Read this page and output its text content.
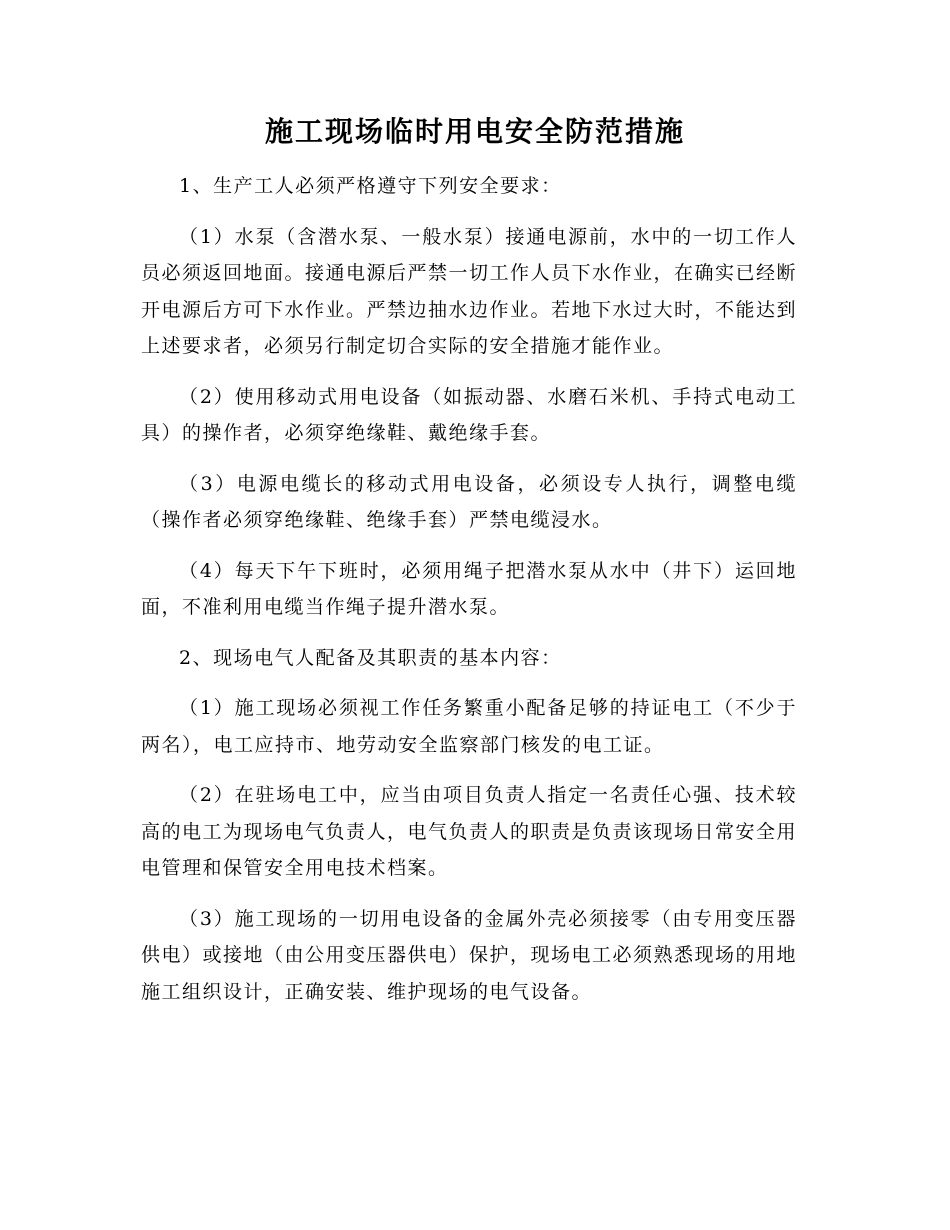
施工现场临时用电安全防范措施

1、生产工人必须严格遵守下列安全要求：

（1）水泵（含潜水泵、一般水泵）接通电源前，水中的一切工作人员必须返回地面。接通电源后严禁一切工作人员下水作业，在确实已经断开电源后方可下水作业。严禁边抽水边作业。若地下水过大时，不能达到上述要求者，必须另行制定切合实际的安全措施才能作业。

（2）使用移动式用电设备（如振动器、水磨石米机、手持式电动工具）的操作者，必须穿绝缘鞋、戴绝缘手套。

（3）电源电缆长的移动式用电设备，必须设专人执行，调整电缆（操作者必须穿绝缘鞋、绝缘手套）严禁电缆浸水。

（4）每天下午下班时，必须用绳子把潜水泵从水中（井下）运回地面，不准利用电缆当作绳子提升潜水泵。

2、现场电气人配备及其职责的基本内容：

（1）施工现场必须视工作任务繁重小配备足够的持证电工（不少于两名），电工应持市、地劳动安全监察部门核发的电工证。

（2）在驻场电工中，应当由项目负责人指定一名责任心强、技术较高的电工为现场电气负责人，电气负责人的职责是负责该现场日常安全用电管理和保管安全用电技术档案。

（3）施工现场的一切用电设备的金属外壳必须接零（由专用变压器供电）或接地（由公用变压器供电）保护，现场电工必须熟悉现场的用地施工组织设计，正确安装、维护现场的电气设备。
